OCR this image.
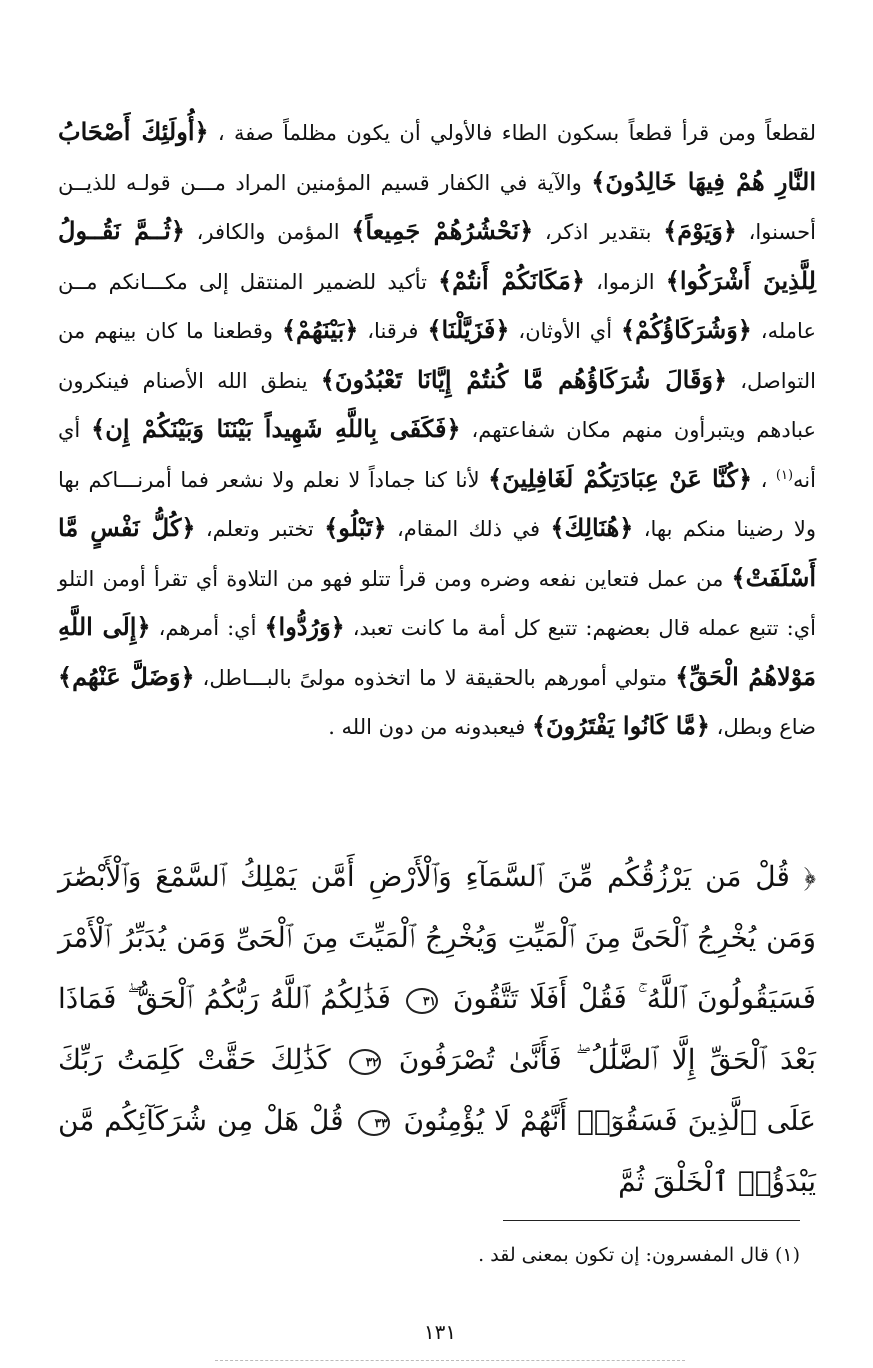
لقطعاً ومن قرأ قطعاً بسكون الطاء فالأولي أن يكون مظلماً صفة ، ﴿أُولَئِكَ أَصْحَابُ النَّارِ هُمْ فِيهَا خَالِدُونَ﴾ والآية في الكفار قسيم المؤمنين المراد مـــن قولـه للذيــن أحسنوا، ﴿وَيَوْمَ﴾ بتقدير اذكر، ﴿نَحْشُرُهُمْ جَمِيعاً﴾ المؤمن والكافر، ﴿ثُــمَّ نَقُــولُ لِلَّذِينَ أَشْرَكُوا﴾ الزموا، ﴿مَكَانَكُمْ أَنتُمْ﴾ تأكيد للضمير المنتقل إلى مكـــانكم مــن عامله، ﴿وَشُرَكَاؤُكُمْ﴾ أي الأوثان، ﴿فَزَيَّلْنَا﴾ فرقنا، ﴿بَيْنَهُمْ﴾ وقطعنا ما كان بينهم من التواصل، ﴿وَقَالَ شُرَكَاؤُهُم مَّا كُنتُمْ إِيَّانَا تَعْبُدُونَ﴾ ينطق الله الأصنام فينكرون عبادهم ويتبرأون منهم مكان شفاعتهم، ﴿فَكَفَى بِاللَّهِ شَهِيداً بَيْنَنَا وَبَيْنَكُمْ إِن﴾ أي أنه$^{(١)}$ ، ﴿كُنَّا عَنْ عِبَادَتِكُمْ لَغَافِلِينَ﴾ لأنا كنا جماداً لا نعلم ولا نشعر فما أمرنـــاكم بها ولا رضينا منكم بها، ﴿هُنَالِكَ﴾ في ذلك المقام، ﴿تَبْلُو﴾ تختبر وتعلم، ﴿كُلُّ نَفْسٍ مَّا أَسْلَفَتْ﴾ من عمل فتعاين نفعه وضره ومن قرأ تتلو فهو من التلاوة أي تقرأ أومن التلو أي: تتبع عمله قال بعضهم: تتبع كل أمة ما كانت تعبد، ﴿وَرُدُّوا﴾ أي: أمرهم، ﴿إِلَى اللَّهِ مَوْلاهُمُ الْحَقِّ﴾ متولي أمورهم بالحقيقة لا ما اتخذوه مولىً بالبـــاطل، ﴿وَضَلَّ عَنْهُم﴾ ضاع وبطل، ﴿مَّا كَانُوا يَفْتَرُونَ﴾ فيعبدونه من دون الله .

﴿ قُلْ مَن يَرْزُقُكُم مِّنَ ٱلسَّمَآءِ وَٱلْأَرْضِ أَمَّن يَمْلِكُ ٱلسَّمْعَ وَٱلْأَبْصَٰرَ وَمَن يُخْرِجُ ٱلْحَىَّ مِنَ ٱلْمَيِّتِ وَيُخْرِجُ ٱلْمَيِّتَ مِنَ ٱلْحَىِّ وَمَن يُدَبِّرُ ٱلْأَمْرَ فَسَيَقُولُونَ ٱللَّهُ ۚ فَقُلْ أَفَلَا تَتَّقُونَ ٣١ فَذَٰلِكُمُ ٱللَّهُ رَبُّكُمُ ٱلْحَقُّ ۖ فَمَاذَا بَعْدَ ٱلْحَقِّ إِلَّا ٱلضَّلَٰلُ ۖ فَأَنَّىٰ تُصْرَفُونَ ٣٢ كَذَٰلِكَ حَقَّتْ كَلِمَتُ رَبِّكَ عَلَى ٱلَّذِينَ فَسَقُوٓا۟ أَنَّهُمْ لَا يُؤْمِنُونَ ٣٣ قُلْ هَلْ مِن شُرَكَآئِكُم مَّن يَبْدَؤُا۟ ٱلْخَلْقَ ثُمَّ

(١) قال المفسرون: إن تكون بمعنى لقد .

١٣١
